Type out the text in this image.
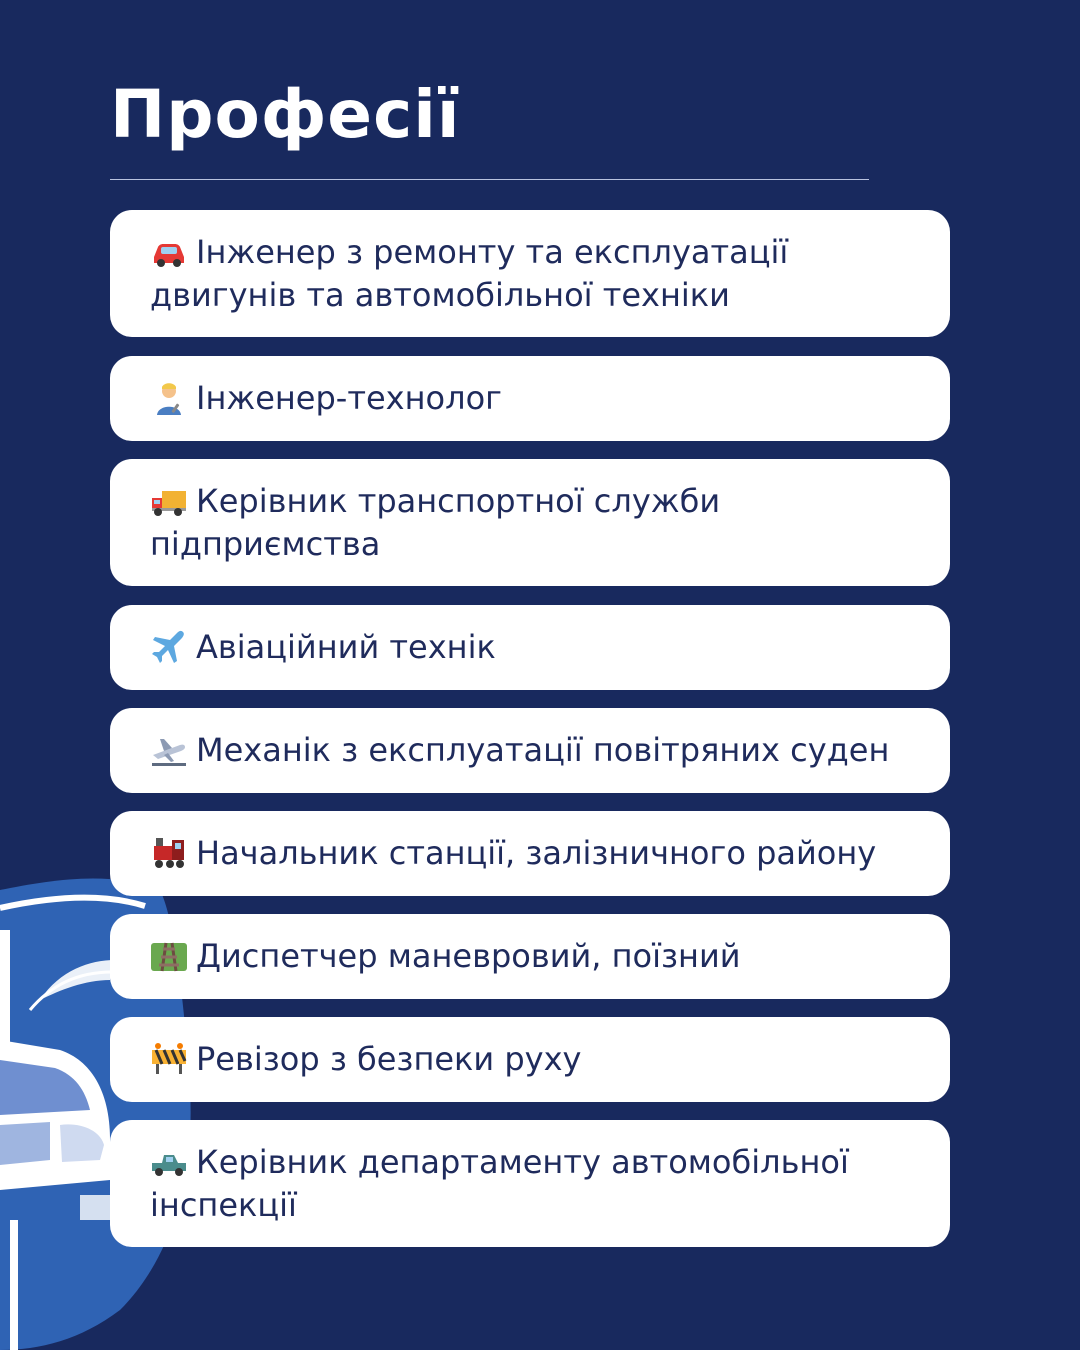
Професії
Інженер з ремонту та експлуатації
двигунів та автомобільної техніки
Інженер-технолог
Керівник транспортної служби
підприємства
Авіаційний технік
Механік з експлуатації повітряних суден
Начальник станції, залізничного району
Диспетчер маневровий, поїзний
Ревізор з безпеки руху
Керівник департаменту автомобільної
інспекції
